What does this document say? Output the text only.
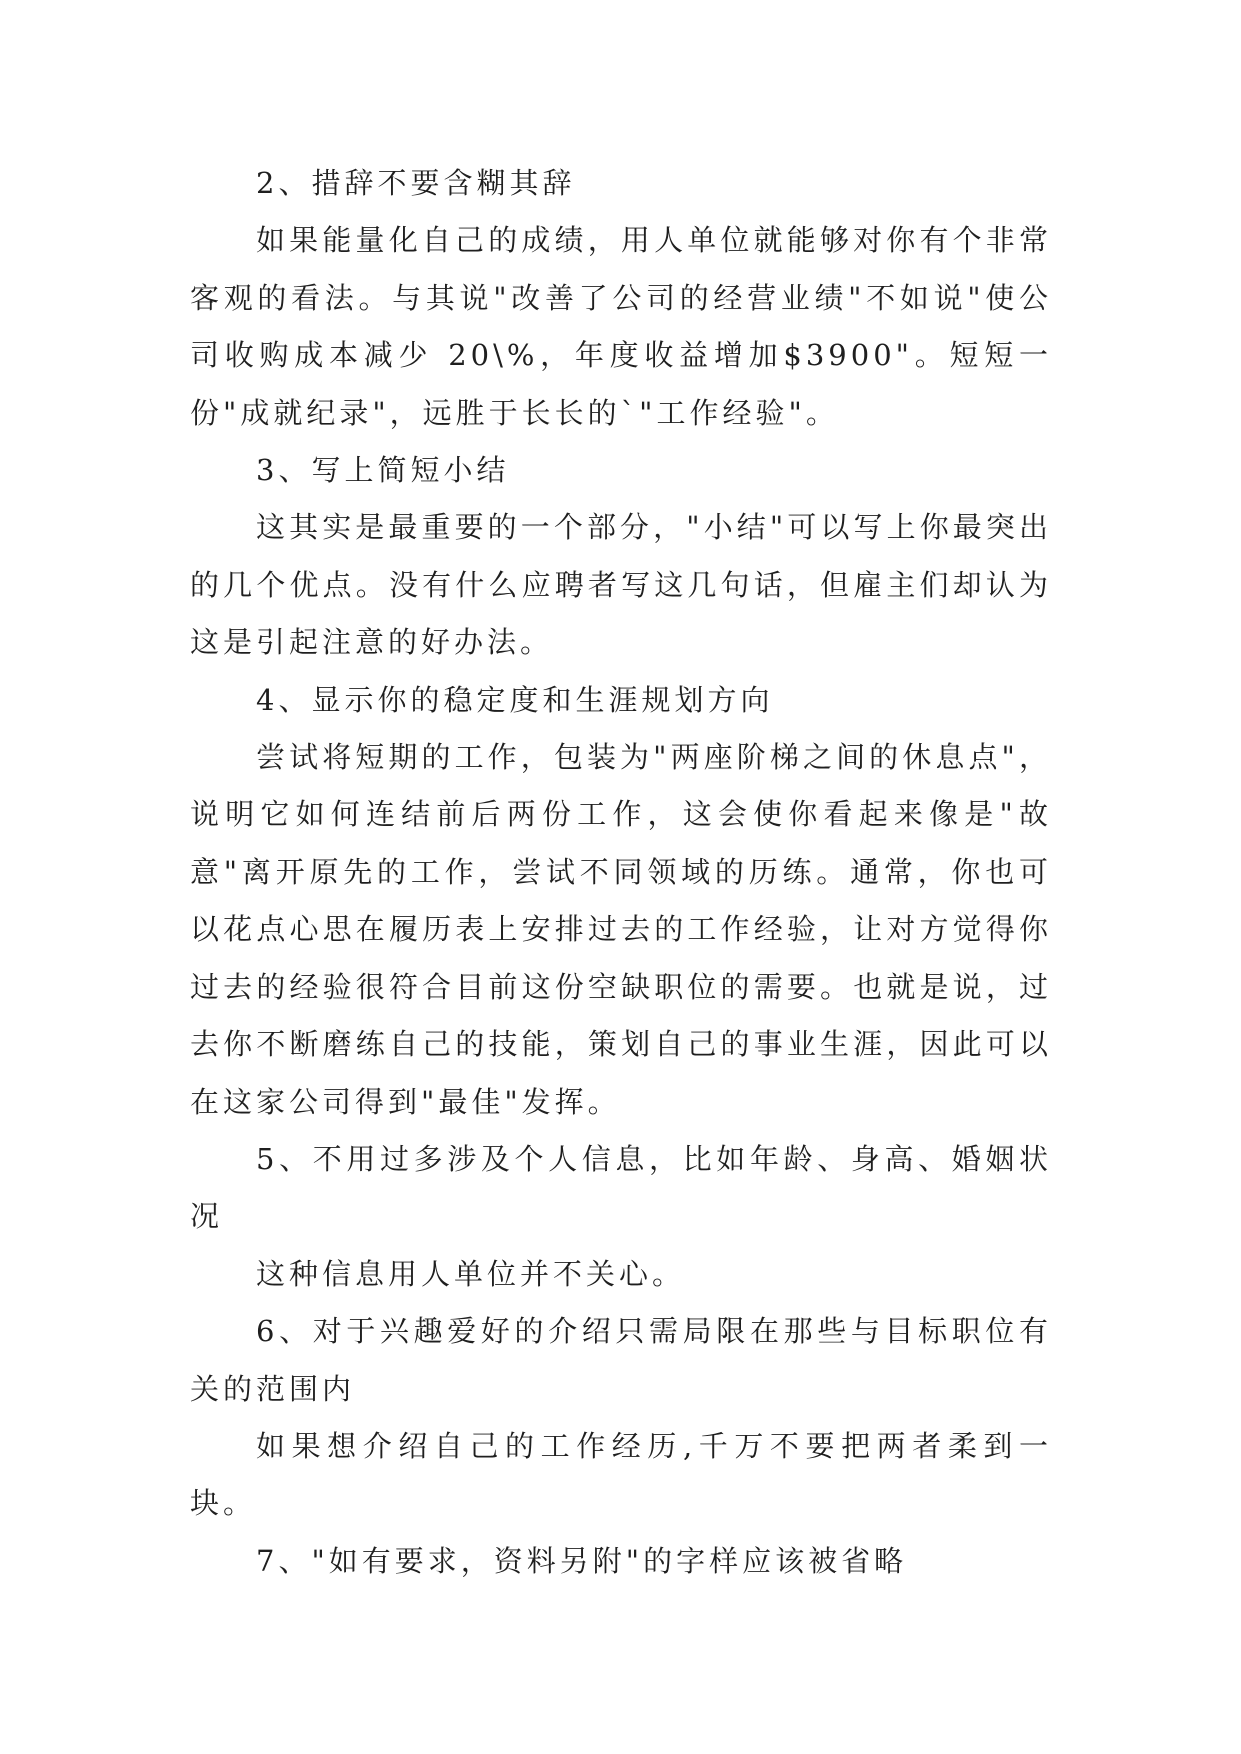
2、措辞不要含糊其辞

如果能量化自己的成绩，用人单位就能够对你有个非常客观的看法。与其说"改善了公司的经营业绩"不如说"使公司收购成本减少 20\%，年度收益增加$3900"。短短一份"成就纪录"，远胜于长长的`"工作经验"。

3、写上简短小结

这其实是最重要的一个部分，"小结"可以写上你最突出的几个优点。没有什么应聘者写这几句话，但雇主们却认为这是引起注意的好办法。

4、显示你的稳定度和生涯规划方向

尝试将短期的工作，包装为"两座阶梯之间的休息点"，说明它如何连结前后两份工作，这会使你看起来像是"故意"离开原先的工作，尝试不同领域的历练。通常，你也可以花点心思在履历表上安排过去的工作经验，让对方觉得你过去的经验很符合目前这份空缺职位的需要。也就是说，过去你不断磨练自己的技能，策划自己的事业生涯，因此可以在这家公司得到"最佳"发挥。

5、不用过多涉及个人信息，比如年龄、身高、婚姻状况

这种信息用人单位并不关心。

6、对于兴趣爱好的介绍只需局限在那些与目标职位有关的范围内

如果想介绍自己的工作经历,千万不要把两者柔到一块。

7、"如有要求，资料另附"的字样应该被省略
